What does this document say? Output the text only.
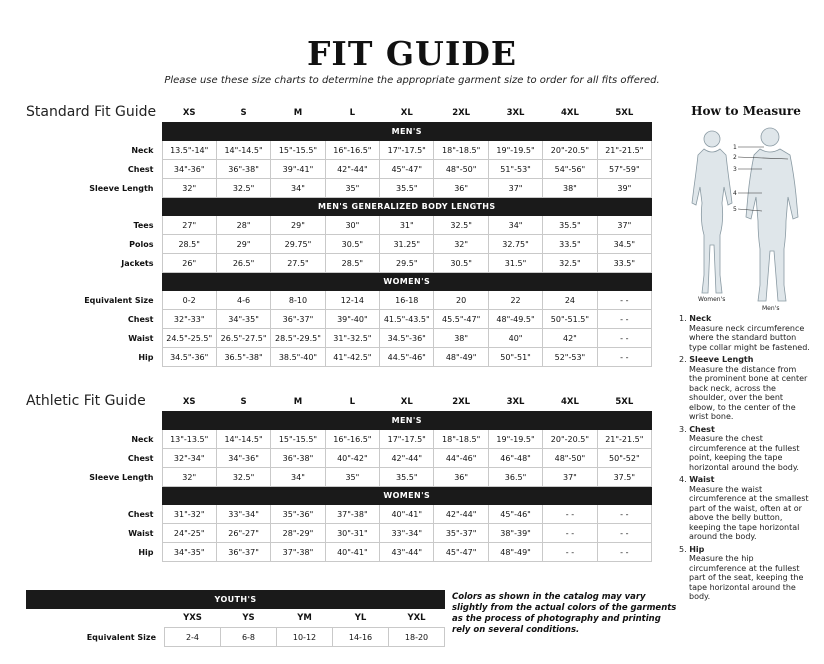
FIT GUIDE
Please use these size charts to determine the appropriate garment size to order for all fits offered.
Standard Fit Guide
		XS	S	M	L	XL	2XL	3XL	4XL	5XL
	MEN'S								
Neck	13.5"-14"	14"-14.5"	15"-15.5"	16"-16.5"	17"-17.5"	18"-18.5"	19"-19.5"	20"-20.5"	21"-21.5"
Chest	34"-36"	36"-38"	39"-41"	42"-44"	45"-47"	48"-50"	51"-53"	54"-56"	57"-59"
Sleeve Length	32"	32.5"	34"	35"	35.5"	36"	37"	38"	39"
	MEN'S GENERALIZED BODY LENGTHS								
Tees	27"	28"	29"	30"	31"	32.5"	34"	35.5"	37"
Polos	28.5"	29"	29.75"	30.5"	31.25"	32"	32.75"	33.5"	34.5"
Jackets	26"	26.5"	27.5"	28.5"	29.5"	30.5"	31.5"	32.5"	33.5"
	WOMEN'S								
Equivalent Size	0-2	4-6	8-10	12-14	16-18	20	22	24	- -
Chest	32"-33"	34"-35"	36"-37"	39"-40"	41.5"-43.5"	45.5"-47"	48"-49.5"	50"-51.5"	- -
Waist	24.5"-25.5"	26.5"-27.5"	28.5"-29.5"	31"-32.5"	34.5"-36"	38"	40"	42"	- -
Hip	34.5"-36"	36.5"-38"	38.5"-40"	41"-42.5"	44.5"-46"	48"-49"	50"-51"	52"-53"	- -
Athletic Fit Guide
		XS	S	M	L	XL	2XL	3XL	4XL	5XL
	MEN'S								
Neck	13"-13.5"	14"-14.5"	15"-15.5"	16"-16.5"	17"-17.5"	18"-18.5"	19"-19.5"	20"-20.5"	21"-21.5"
Chest	32"-34"	34"-36"	36"-38"	40"-42"	42"-44"	44"-46"	46"-48"	48"-50"	50"-52"
Sleeve Length	32"	32.5"	34"	35"	35.5"	36"	36.5"	37"	37.5"
	WOMEN'S								
Chest	31"-32"	33"-34"	35"-36"	37"-38"	40"-41"	42"-44"	45"-46"	- -	- -
Waist	24"-25"	26"-27"	28"-29"	30"-31"	33"-34"	35"-37"	38"-39"	- -	- -
Hip	34"-35"	36"-37"	37"-38"	40"-41"	43"-44"	45"-47"	48"-49"	- -	- -
YOUTH'S					
	YXS	YS	YM	YL	YXL
Equivalent Size	2-4	6-8	10-12	14-16	18-20
Colors as shown in the catalog may vary slightly from the actual colors of the garments as the process of photography and printing rely on several conditions.
How to Measure
1
2
3
4
5
Women's
Men's
1. Neck
Measure neck circumference where the standard button type collar might be fastened.
2. Sleeve Length
Measure the distance from the prominent bone at center back neck, across the shoulder, over the bent elbow, to the center of the wrist bone.
3. Chest
Measure the chest circumference at the fullest point, keeping the tape horizontal around the body.
4. Waist
Measure the waist circumference at the smallest part of the waist, often at or above the belly button, keeping the tape horizontal around the body.
5. Hip
Measure the hip circumference at the fullest part of the seat, keeping the tape horizontal around the body.
